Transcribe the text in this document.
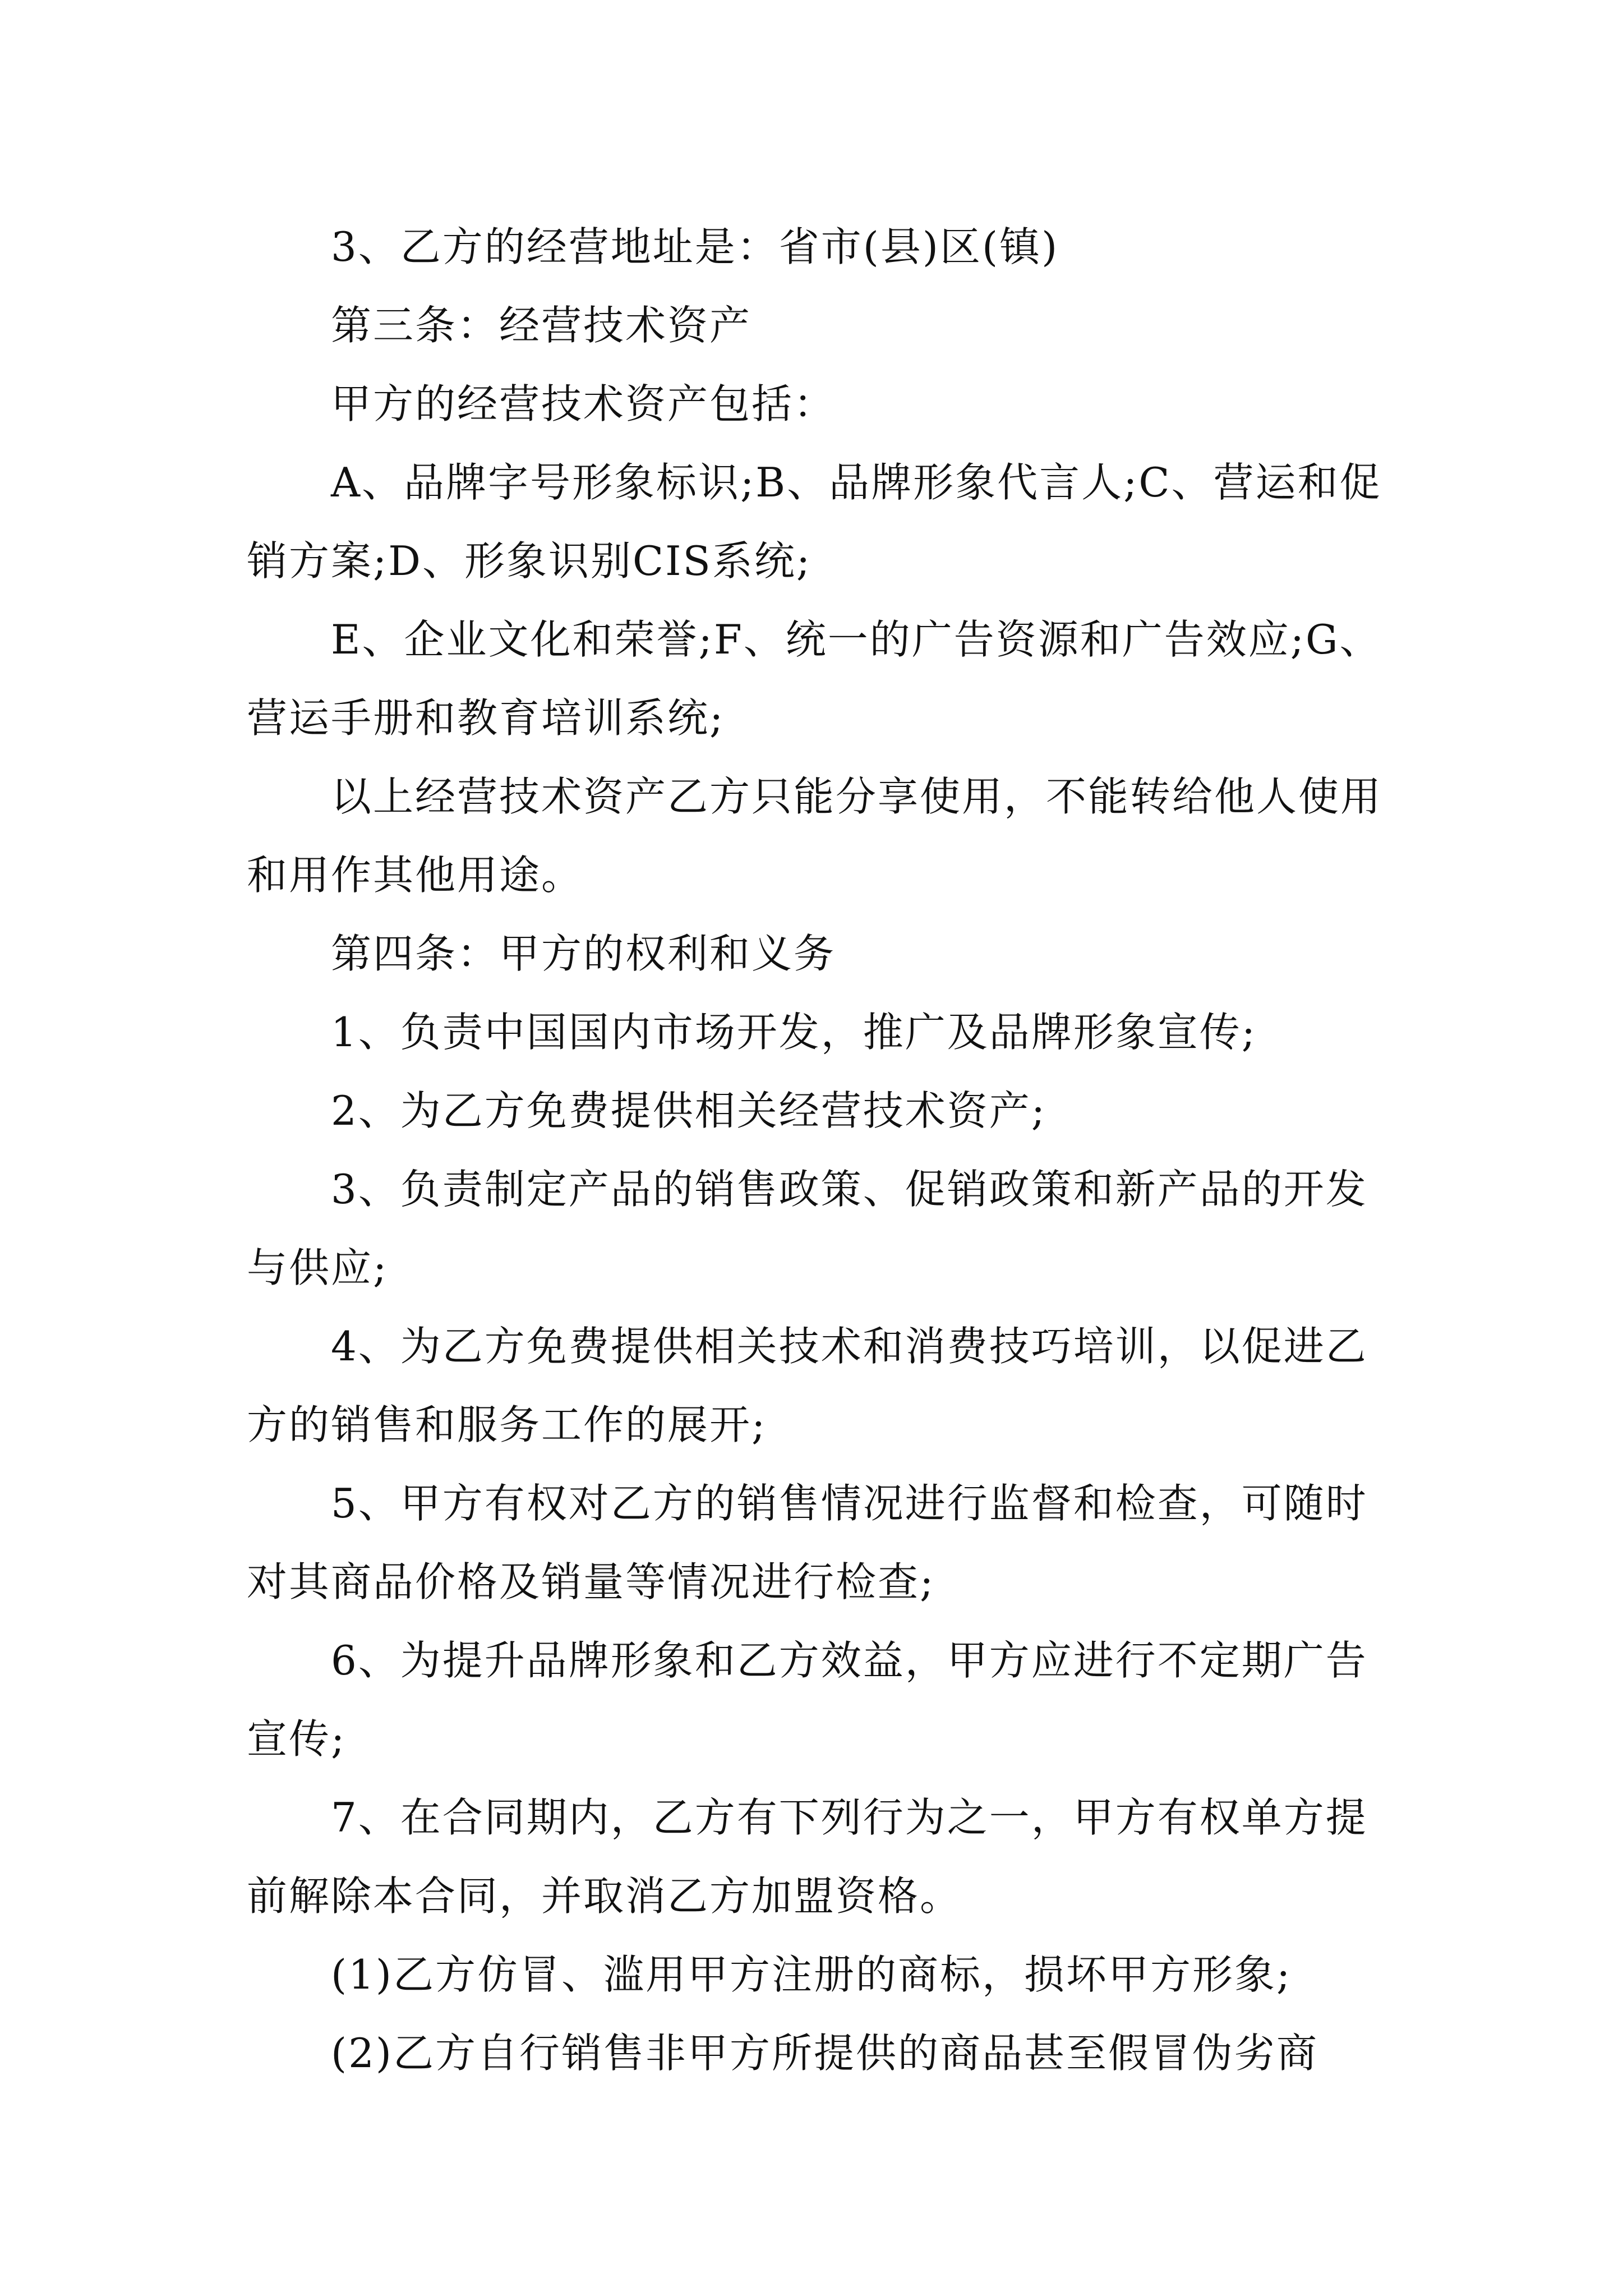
3、乙方的经营地址是：省市(县)区(镇)

第三条：经营技术资产

甲方的经营技术资产包括：

A、品牌字号形象标识;B、品牌形象代言人;C、营运和促销方案;D、形象识别CIS系统;

E、企业文化和荣誉;F、统一的广告资源和广告效应;G、营运手册和教育培训系统;

以上经营技术资产乙方只能分享使用，不能转给他人使用和用作其他用途。

第四条：甲方的权利和义务

1、负责中国国内市场开发，推广及品牌形象宣传;

2、为乙方免费提供相关经营技术资产;

3、负责制定产品的销售政策、促销政策和新产品的开发与供应;

4、为乙方免费提供相关技术和消费技巧培训，以促进乙方的销售和服务工作的展开;

5、甲方有权对乙方的销售情况进行监督和检查，可随时对其商品价格及销量等情况进行检查;

6、为提升品牌形象和乙方效益，甲方应进行不定期广告宣传;

7、在合同期内，乙方有下列行为之一，甲方有权单方提前解除本合同，并取消乙方加盟资格。

(1)乙方仿冒、滥用甲方注册的商标，损坏甲方形象;

(2)乙方自行销售非甲方所提供的商品甚至假冒伪劣商
